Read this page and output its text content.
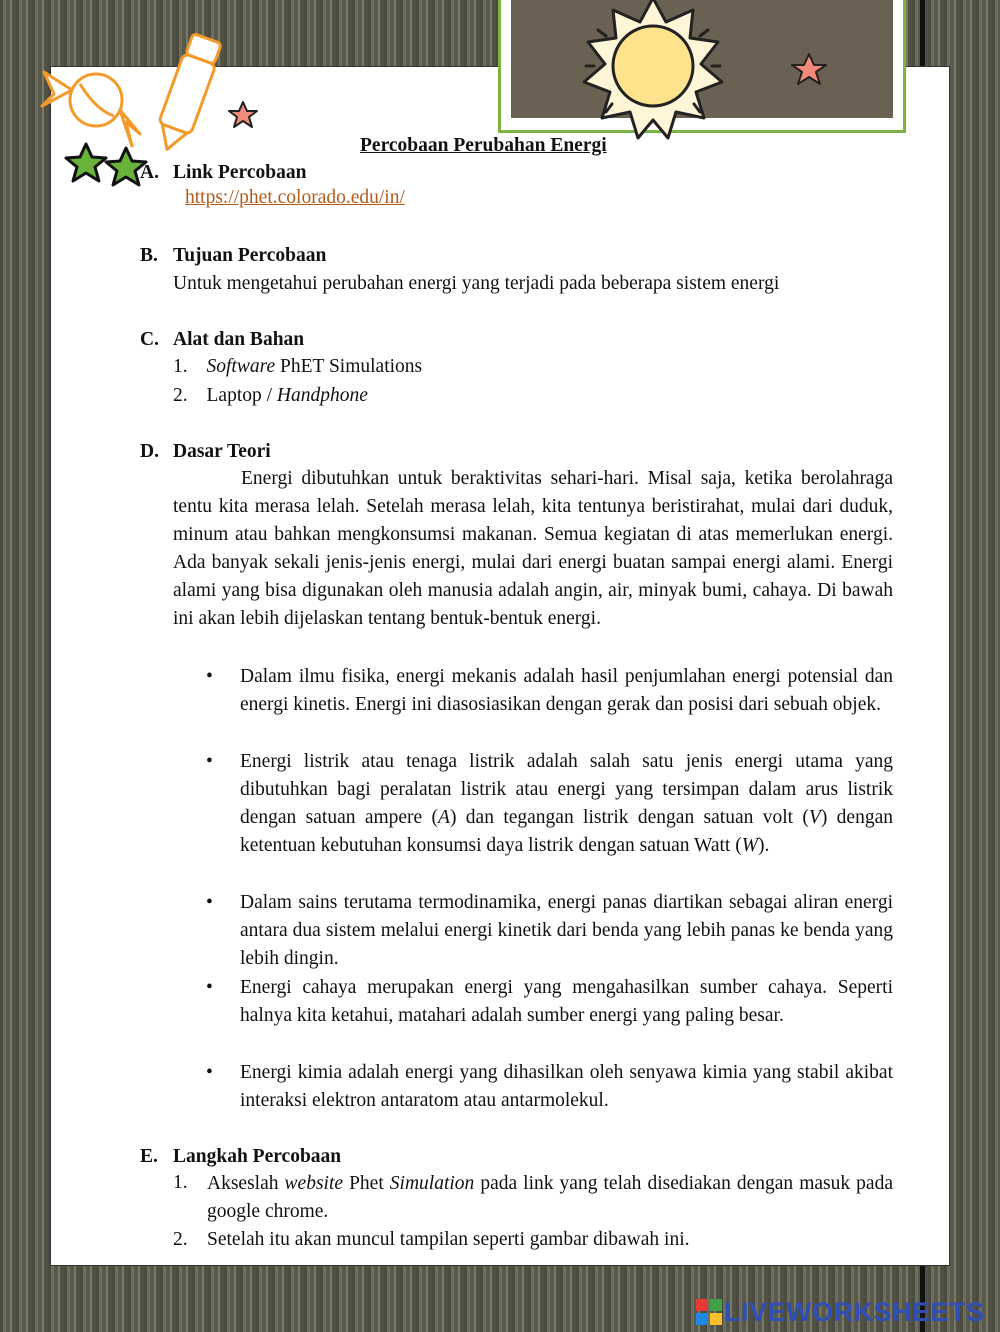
Percobaan Perubahan Energi
A. Link Percobaan
https://phet.colorado.edu/in/
B. Tujuan Percobaan
Untuk mengetahui perubahan energi yang terjadi pada beberapa sistem energi
C. Alat dan Bahan
1. Software PhET Simulations
2. Laptop / Handphone
D. Dasar Teori
Energi dibutuhkan untuk beraktivitas sehari-hari. Misal saja, ketika berolahraga tentu kita merasa lelah. Setelah merasa lelah, kita tentunya beristirahat, mulai dari duduk, minum atau bahkan mengkonsumsi makanan. Semua kegiatan di atas memerlukan energi. Ada banyak sekali jenis-jenis energi, mulai dari energi buatan sampai energi alami. Energi alami yang bisa digunakan oleh manusia adalah angin, air, minyak bumi, cahaya. Di bawah ini akan lebih dijelaskan tentang bentuk-bentuk energi.
• Dalam ilmu fisika, energi mekanis adalah hasil penjumlahan energi potensial dan energi kinetis. Energi ini diasosiasikan dengan gerak dan posisi dari sebuah objek.
• Energi listrik atau tenaga listrik adalah salah satu jenis energi utama yang dibutuhkan bagi peralatan listrik atau energi yang tersimpan dalam arus listrik dengan satuan ampere (A) dan tegangan listrik dengan satuan volt (V) dengan ketentuan kebutuhan konsumsi daya listrik dengan satuan Watt (W).
• Dalam sains terutama termodinamika, energi panas diartikan sebagai aliran energi antara dua sistem melalui energi kinetik dari benda yang lebih panas ke benda yang lebih dingin.
• Energi cahaya merupakan energi yang mengahasilkan sumber cahaya. Seperti halnya kita ketahui, matahari adalah sumber energi yang paling besar.
• Energi kimia adalah energi yang dihasilkan oleh senyawa kimia yang stabil akibat interaksi elektron antaratom atau antarmolekul.
E. Langkah Percobaan
1. Akseslah website Phet Simulation pada link yang telah disediakan dengan masuk pada google chrome.
2. Setelah itu akan muncul tampilan seperti gambar dibawah ini.
LIVEWORKSHEETS
